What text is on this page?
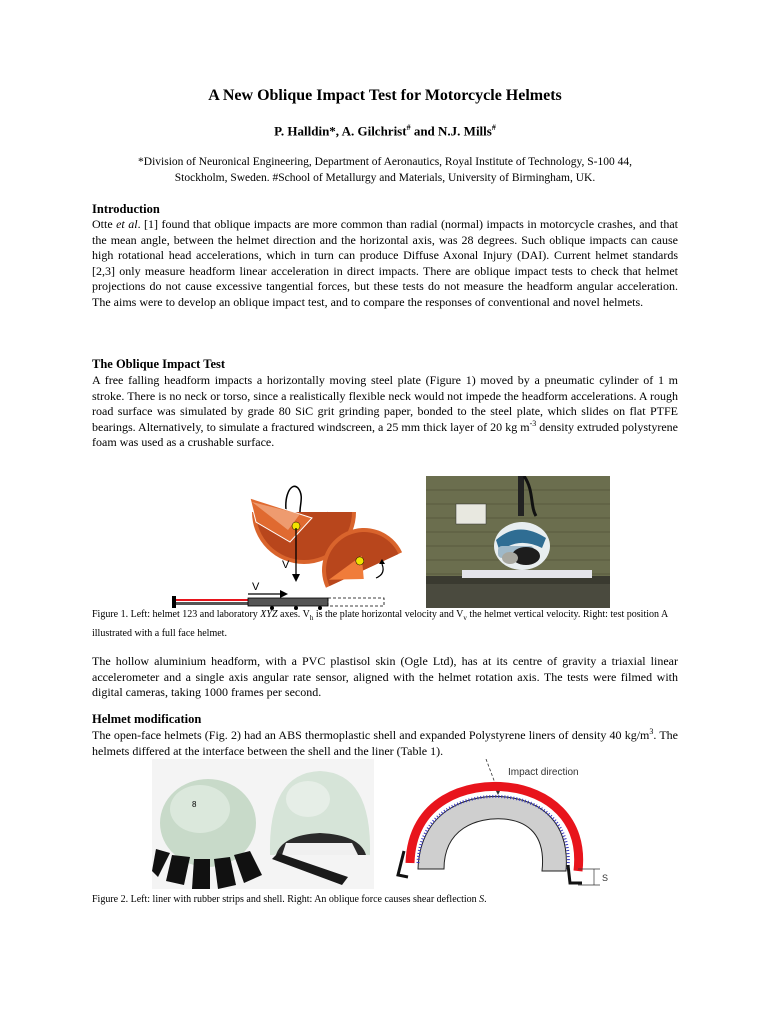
A New Oblique Impact Test for Motorcycle Helmets
P. Halldin*, A. Gilchrist# and N.J. Mills#
*Division of Neuronical Engineering, Department of Aeronautics, Royal Institute of Technology, S-100 44,
Stockholm, Sweden. #School of Metallurgy and Materials, University of Birmingham, UK.
Introduction
Otte et al. [1] found that oblique impacts are more common than radial (normal) impacts in motorcycle crashes, and that the mean angle, between the helmet direction and the horizontal axis, was 28 degrees. Such oblique impacts can cause high rotational head accelerations, which in turn can produce Diffuse Axonal Injury (DAI). Current helmet standards [2,3] only measure headform linear acceleration in direct impacts. There are oblique impact tests to check that helmet projections do not cause excessive tangential forces, but these tests do not measure the headform angular acceleration. The aims were to develop an oblique impact test, and to compare the responses of conventional and novel helmets.
The Oblique Impact Test
A free falling headform impacts a horizontally moving steel plate (Figure 1) moved by a pneumatic cylinder of 1 m stroke. There is no neck or torso, since a realistically flexible neck would not impede the headform accelerations. A rough road surface was simulated by grade 80 SiC grit grinding paper, bonded to the steel plate, which slides on flat PTFE bearings. Alternatively, to simulate a fractured windscreen, a 25 mm thick layer of 20 kg $m^{-3}$ density extruded polystyrene foam was used as a crushable surface.
V
V
Figure 1. Left: helmet 123 and laboratory XYZ axes. $V_h$ is the plate horizontal velocity and $V_v$ the helmet vertical velocity. Right: test position A illustrated with a full face helmet.
The hollow aluminium headform, with a PVC plastisol skin (Ogle Ltd), has at its centre of gravity a triaxial linear accelerometer and a single axis angular rate sensor, aligned with the helmet rotation axis. The tests were filmed with digital cameras, taking 1000 frames per second.
Helmet modification
The open-face helmets (Fig. 2) had an ABS thermoplastic shell and expanded Polystyrene liners of density 40 $kg/m^3$. The helmets differed at the interface between the shell and the liner (Table 1).
8
Impact direction
S
Figure 2. Left: liner with rubber strips and shell. Right: An oblique force causes shear deflection S.
